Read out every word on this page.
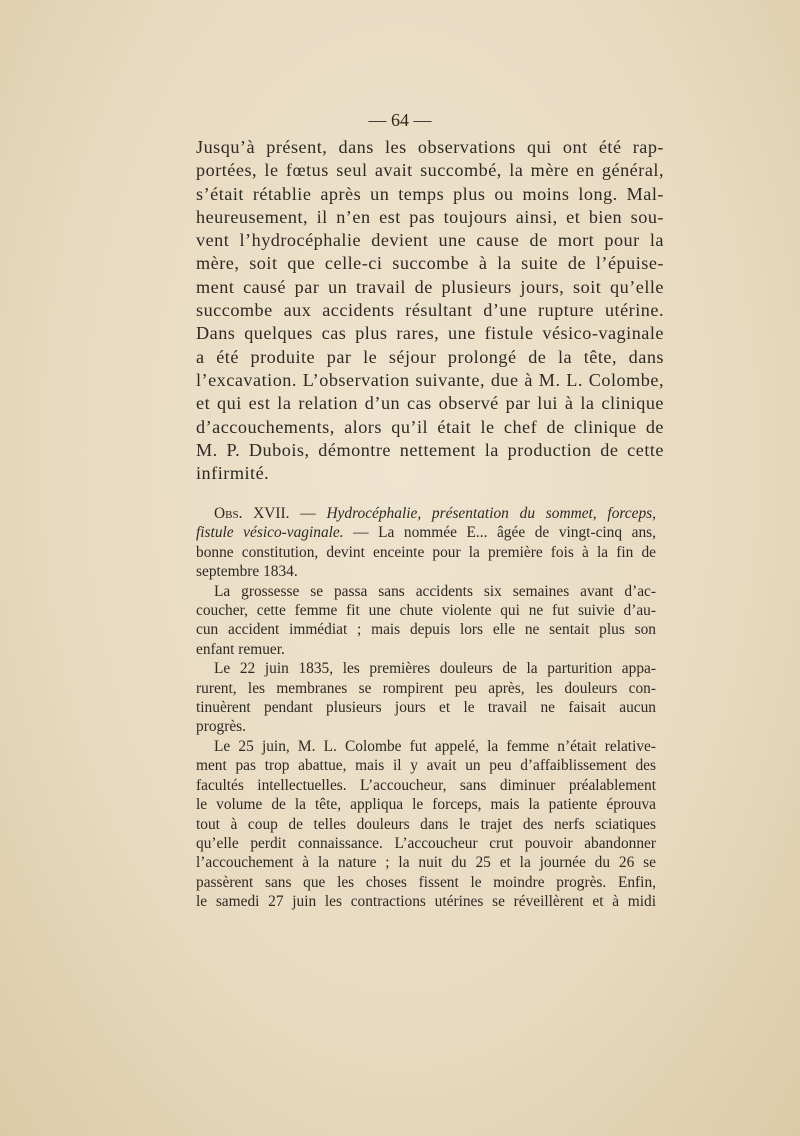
— 64 —
Jusqu’à présent, dans les observations qui ont été rap-
portées, le fœtus seul avait succombé, la mère en général,
s’était rétablie après un temps plus ou moins long. Mal-
heureusement, il n’en est pas toujours ainsi, et bien sou-
vent l’hydrocéphalie devient une cause de mort pour la
mère, soit que celle-ci succombe à la suite de l’épuise-
ment causé par un travail de plusieurs jours, soit qu’elle
succombe aux accidents résultant d’une rupture utérine.
Dans quelques cas plus rares, une fistule vésico-vaginale
a été produite par le séjour prolongé de la tête, dans
l’excavation. L’observation suivante, due à M. L. Colombe,
et qui est la relation d’un cas observé par lui à la clinique
d’accouchements, alors qu’il était le chef de clinique de
M. P. Dubois, démontre nettement la production de cette
infirmité.
Obs. XVII. — Hydrocéphalie, présentation du sommet, forceps,
fistule vésico-vaginale. — La nommée E... âgée de vingt-cinq ans,
bonne constitution, devint enceinte pour la première fois à la fin de
septembre 1834.
La grossesse se passa sans accidents six semaines avant d’ac-
coucher, cette femme fit une chute violente qui ne fut suivie d’au-
cun accident immédiat ; mais depuis lors elle ne sentait plus son
enfant remuer.
Le 22 juin 1835, les premières douleurs de la parturition appa-
rurent, les membranes se rompirent peu après, les douleurs con-
tinuèrent pendant plusieurs jours et le travail ne faisait aucun
progrès.
Le 25 juin, M. L. Colombe fut appelé, la femme n’était relative-
ment pas trop abattue, mais il y avait un peu d’affaiblissement des
facultés intellectuelles. L’accoucheur, sans diminuer préalablement
le volume de la tête, appliqua le forceps, mais la patiente éprouva
tout à coup de telles douleurs dans le trajet des nerfs sciatiques
qu’elle perdit connaissance. L’accoucheur crut pouvoir abandonner
l’accouchement à la nature ; la nuit du 25 et la journée du 26 se
passèrent sans que les choses fissent le moindre progrès. Enfin,
le samedi 27 juin les contractions utérines se réveillèrent et à midi
